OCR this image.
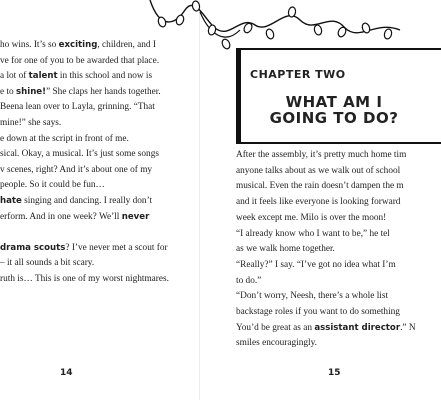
ho wins. It’s so exciting, children, and I
ve for one of you to be awarded that place.
a lot of talent in this school and now is
e to shine!” She claps her hands together.
Beena lean over to Layla, grinning. “That
mine!” she says.
e down at the script in front of me.
sical. Okay, a musical. It’s just some songs
v scenes, right? And it’s about one of my
people. So it could be fun…
hate singing and dancing. I really don’t
erform. And in one week? We’ll never
drama scouts? I’ve never met a scout for
– it all sounds a bit scary.
ruth is… This is one of my worst nightmares.
14
After the assembly, it’s pretty much home tim
anyone talks about as we walk out of school
musical. Even the rain doesn’t dampen the m
and it feels like everyone is looking forward
week except me. Milo is over the moon!
“I already know who I want to be,” he tel
as we walk home together.
“Really?” I say. “I’ve got no idea what I’m
to do.”
“Don’t worry, Neesh, there’s a whole list
backstage roles if you want to do something
You’d be great as an assistant director.” N
smiles encouragingly.
15
CHAPTER TWO
WHAT AM I GOING TO DO?
